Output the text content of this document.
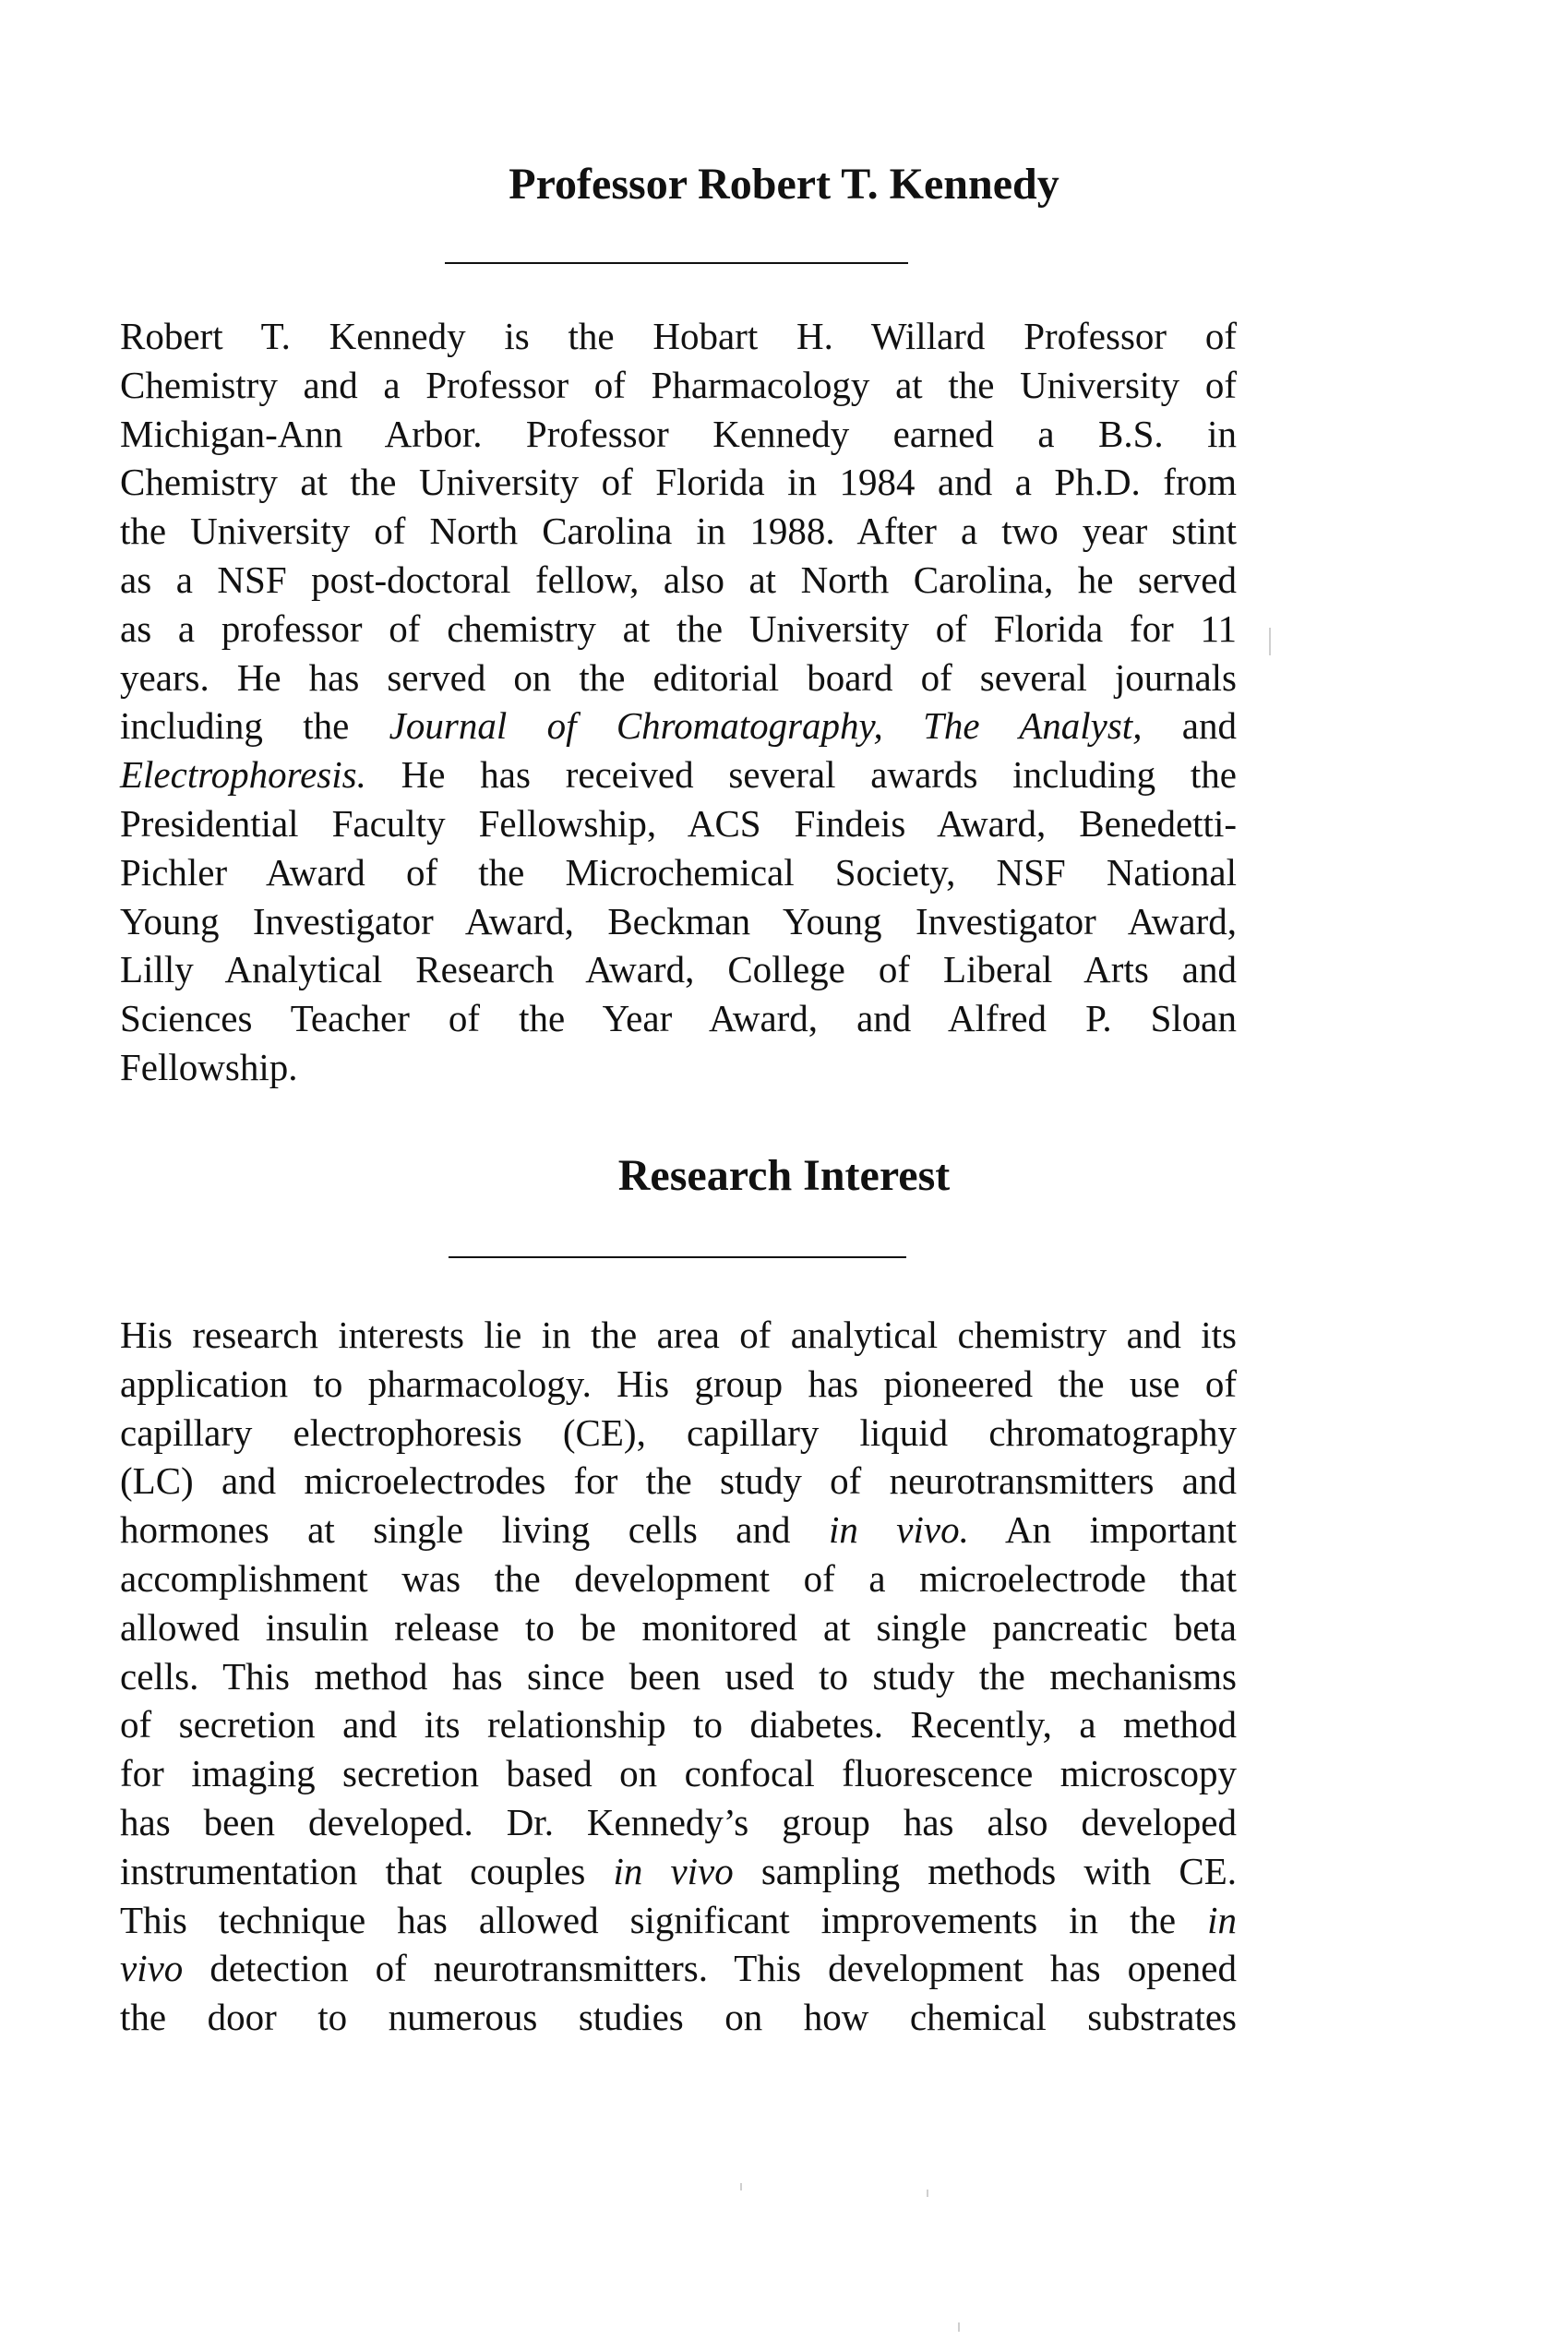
Professor Robert T. Kennedy
Robert T. Kennedy is the Hobart H. Willard Professor of
Chemistry and a Professor of Pharmacology at the University of
Michigan-Ann Arbor. Professor Kennedy earned a B.S. in
Chemistry at the University of Florida in 1984 and a Ph.D. from
the University of North Carolina in 1988. After a two year stint
as a NSF post-doctoral fellow, also at North Carolina, he served
as a professor of chemistry at the University of Florida for 11
years. He has served on the editorial board of several journals
including the Journal of Chromatography, The Analyst, and
Electrophoresis. He has received several awards including the
Presidential Faculty Fellowship, ACS Findeis Award, Benedetti-
Pichler Award of the Microchemical Society, NSF National
Young Investigator Award, Beckman Young Investigator Award,
Lilly Analytical Research Award, College of Liberal Arts and
Sciences Teacher of the Year Award, and Alfred P. Sloan
Fellowship.
Research Interest
His research interests lie in the area of analytical chemistry and its
application to pharmacology. His group has pioneered the use of
capillary electrophoresis (CE), capillary liquid chromatography
(LC) and microelectrodes for the study of neurotransmitters and
hormones at single living cells and in vivo. An important
accomplishment was the development of a microelectrode that
allowed insulin release to be monitored at single pancreatic beta
cells. This method has since been used to study the mechanisms
of secretion and its relationship to diabetes. Recently, a method
for imaging secretion based on confocal fluorescence microscopy
has been developed. Dr. Kennedy’s group has also developed
instrumentation that couples in vivo sampling methods with CE.
This technique has allowed significant improvements in the in
vivo detection of neurotransmitters. This development has opened
the door to numerous studies on how chemical substrates
